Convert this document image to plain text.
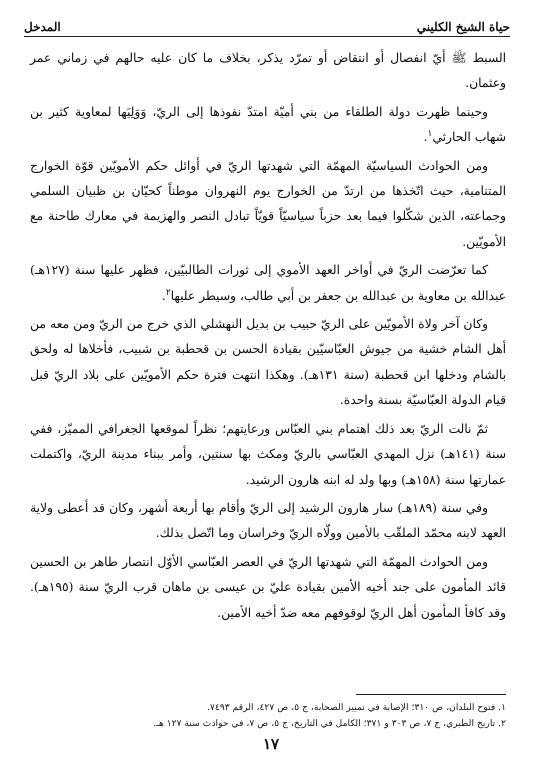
حياة الشيخ الكليني
المدخل

السبط ﷺ أيّ انفصال أو انتقاض أو تمرّد يذكر، بخلاف ما كان عليه حالهم في زماني عمر وعثمان.

وحينما ظهرت دولة الطلقاء من بني أميّة امتدّ نفوذها إلى الريّ، وَوَلِيَها لمعاوية كثير بن شهاب الحارثي$^١$.

ومن الحوادث السياسيّة المهمّة التي شهدتها الريّ في أوائل حكم الأمويّين قوّة الخوارج المتنامية، حيث اتّخذها من ارتدّ من الخوارج يوم النهروان موطناً كحيّان بن ظبيان السلمي وجماعته، الذين شكّلوا فيما بعد حزباً سياسيّاً قويّاً تبادل النصر والهزيمة في معارك طاحنة مع الأمويّين.

كما تعرّضت الريّ في أواخر العهد الأموي إلى ثورات الطالبيّين، فظهر عليها سنة (١٢٧هـ) عبدالله بن معاوية بن عبدالله بن جعفر بن أبي طالب، وسيطر عليها$^٢$.

وكان آخر ولاة الأمويّين على الريّ حبيب بن بديل النهشلي الذي خرج من الريّ ومن معه من أهل الشام خشية من جيوش العبّاسيّين بقيادة الحسن بن قحطبة بن شبيب، فأخلاها له ولحق بالشام ودخلها ابن قحطبة (سنة ١٣١هـ). وهكذا انتهت فترة حكم الأمويّين على بلاد الريّ قبل قيام الدولة العبّاسيّة بسنة واحدة.

ثمّ نالت الريّ بعد ذلك اهتمام بني العبّاس ورعايتهم؛ نظراً لموقعها الجغرافي المميّز، ففي سنة (١٤١هـ) نزل المهدي العبّاسي بالريّ ومكث بها سنتين، وأمر ببناء مدينة الريّ، واكتملت عمارتها سنة (١٥٨هـ) وبها ولد له ابنه هارون الرشيد.

وفي سنة (١٨٩هـ) سار هارون الرشيد إلى الريّ وأقام بها أربعة أشهر، وكان قد أعطى ولاية العهد لابنه محمّد الملقّب بالأمين وولّاه الريّ وخراسان وما اتّصل بذلك.

ومن الحوادث المهمّة التي شهدتها الريّ في العصر العبّاسي الأوّل انتصار طاهر بن الحسين قائد المأمون على جند أخيه الأمين بقيادة عليّ بن عيسى بن ماهان قرب الريّ سنة (١٩٥هـ). وقد كافأ المأمون أهل الريّ لوقوفهم معه ضدّ أخيه الأمين.

١. فتوح البلدان، ص ٣١٠؛ الإصابة في تمييز الصحابة، ج ٥، ص ٤٢٧، الرقم ٧٤٩٣.
٢. تاريخ الطبري، ج ٧، ص ٣٠٣ و ٣٧١؛ الكامل في التاريخ، ج ٥، ص ٧، في حوادث سنة ١٢٧ هـ.
١٧
